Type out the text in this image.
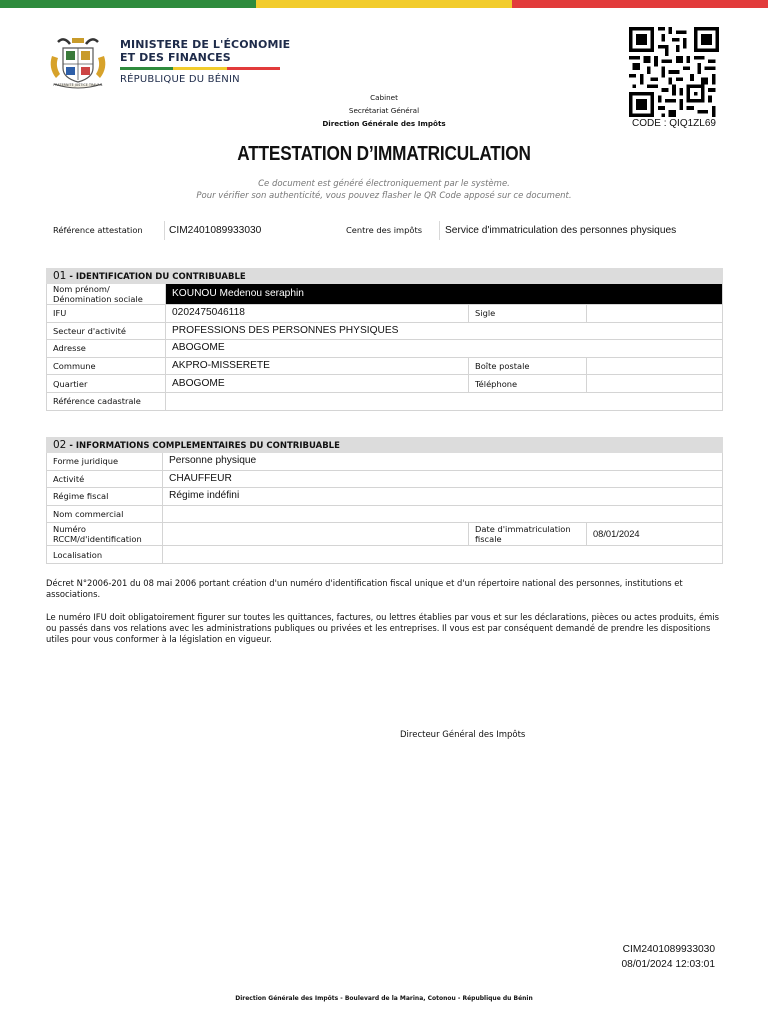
FRATERNITÉ JUSTICE TRAVAIL
MINISTERE DE L'ÉCONOMIE
ET DES FINANCES
RÉPUBLIQUE DU BÉNIN
CODE : QIQ1ZL69
Cabinet
Secrétariat Général
Direction Générale des Impôts
ATTESTATION D’IMMATRICULATION
Ce document est généré électroniquement par le système.
Pour vérifier son authenticité, vous pouvez flasher le QR Code apposé sur ce document.
Référence attestation	CIM2401089933030	Centre des impôts Service d'immatriculation des personnes physiques
01 - IDENTIFICATION DU CONTRIBUABLE			
Nom prénom/ Dénomination sociale	KOUNOU Medenou seraphin		
IFU	0202475046118	Sigle	
Secteur d'activité	PROFESSIONS DES PERSONNES PHYSIQUES		
Adresse	ABOGOME		
Commune	AKPRO-MISSERETE	Boîte postale	
Quartier	ABOGOME	Téléphone	
Référence cadastrale			
02 - INFORMATIONS COMPLEMENTAIRES DU CONTRIBUABLE			
Forme juridique	Personne physique		
Activité	CHAUFFEUR		
Régime fiscal	Régime indéfini		
Nom commercial			
Numéro RCCM/d'identification		Date d'immatriculation fiscale	08/01/2024
Localisation			
Décret N°2006-201 du 08 mai 2006 portant création d'un numéro d'identification fiscal unique et d'un répertoire national des personnes, institutions et associations.
Le numéro IFU doit obligatoirement figurer sur toutes les quittances, factures, ou lettres établies par vous et sur les déclarations, pièces ou actes produits, émis ou passés dans vos relations avec les administrations publiques ou privées et les entreprises. Il vous est par conséquent demandé de prendre les dispositions utiles pour vous conformer à la législation en vigueur.
Directeur Général des Impôts
CIM2401089933030
08/01/2024 12:03:01
Direction Générale des Impôts - Boulevard de la Marina, Cotonou - République du Bénin
